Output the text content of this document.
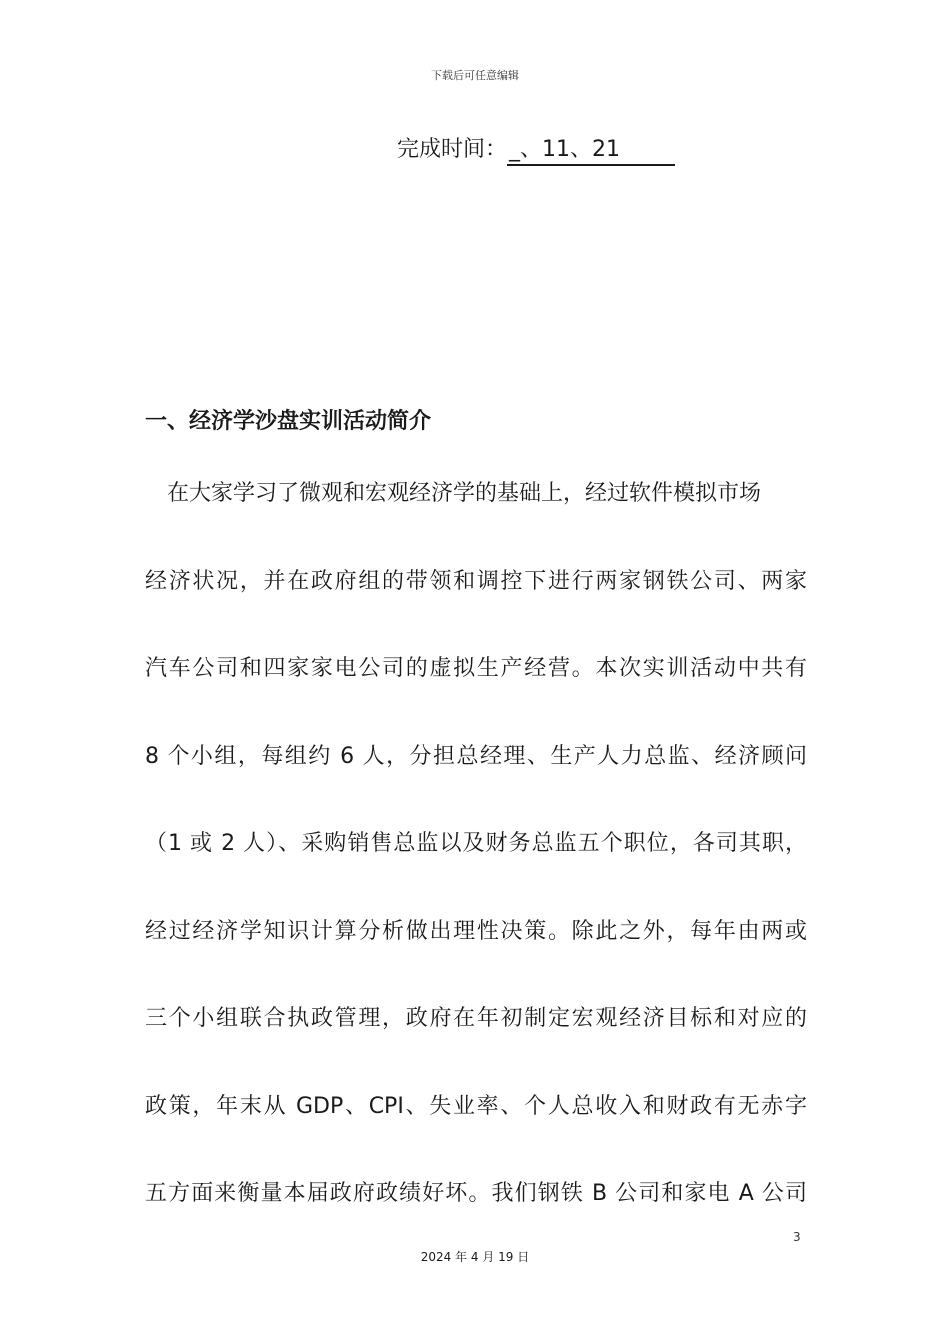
下载后可任意编辑
完成时间：_、11、21
一、经济学沙盘实训活动简介
在大家学习了微观和宏观经济学的基础上，经过软件模拟市场
经济状况，并在政府组的带领和调控下进行两家钢铁公司、两家
汽车公司和四家家电公司的虚拟生产经营。本次实训活动中共有
8 个小组，每组约 6 人，分担总经理、生产人力总监、经济顾问
（1 或 2 人）、采购销售总监以及财务总监五个职位，各司其职，
经过经济学知识计算分析做出理性决策。除此之外，每年由两或
三个小组联合执政管理，政府在年初制定宏观经济目标和对应的
政策，年末从 GDP、CPI、失业率、个人总收入和财政有无赤字
五方面来衡量本届政府政绩好坏。我们钢铁 B 公司和家电 A 公司
3
2024 年 4 月 19 日
